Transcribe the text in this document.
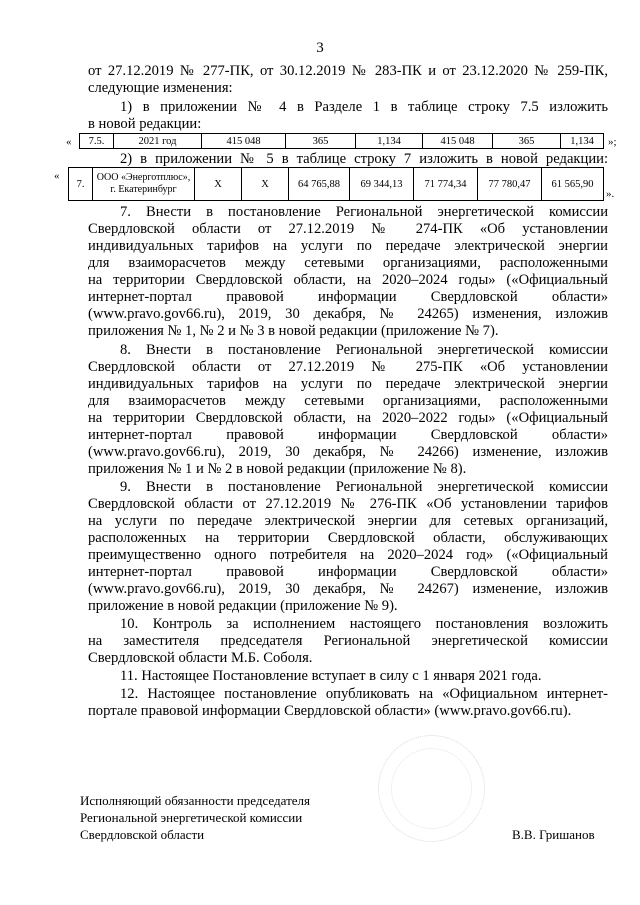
3
от 27.12.2019 № 277-ПК, от 30.12.2019 № 283-ПК и от 23.12.2020 № 259-ПК,
следующие изменения:
1) в приложении № 4 в Разделе 1 в таблице строку 7.5 изложить
в новой редакции:
« 7.5.	2021 год	415 048	365	1,134	415 048	365	1,134 »;
2) в приложении № 5 в таблице строку 7 изложить в новой редакции:
«
7.	ООО «Энерготплюс», г. Екатеринбург	X	X	64 765,88	69 344,13	71 774,34	77 780,47	61 565,90
».
7. Внести в постановление Региональной энергетической комиссии
Свердловской области от 27.12.2019 № 274-ПК «Об установлении
индивидуальных тарифов на услуги по передаче электрической энергии
для взаиморасчетов между сетевыми организациями, расположенными
на территории Свердловской области, на 2020–2024 годы» («Официальный
интернет-портал правовой информации Свердловской области»
(www.pravo.gov66.ru), 2019, 30 декабря, № 24265) изменения, изложив
приложения № 1, № 2 и № 3 в новой редакции (приложение № 7).
8. Внести в постановление Региональной энергетической комиссии
Свердловской области от 27.12.2019 № 275-ПК «Об установлении
индивидуальных тарифов на услуги по передаче электрической энергии
для взаиморасчетов между сетевыми организациями, расположенными
на территории Свердловской области, на 2020–2022 годы» («Официальный
интернет-портал правовой информации Свердловской области»
(www.pravo.gov66.ru), 2019, 30 декабря, № 24266) изменение, изложив
приложения № 1 и № 2 в новой редакции (приложение № 8).
9. Внести в постановление Региональной энергетической комиссии
Свердловской области от 27.12.2019 № 276-ПК «Об установлении тарифов
на услуги по передаче электрической энергии для сетевых организаций,
расположенных на территории Свердловской области, обслуживающих
преимущественно одного потребителя на 2020–2024 год» («Официальный
интернет-портал правовой информации Свердловской области»
(www.pravo.gov66.ru), 2019, 30 декабря, № 24267) изменение, изложив
приложение в новой редакции (приложение № 9).
10. Контроль за исполнением настоящего постановления возложить
на заместителя председателя Региональной энергетической комиссии
Свердловской области М.Б. Соболя.
11. Настоящее Постановление вступает в силу с 1 января 2021 года.
12. Настоящее постановление опубликовать на «Официальном интернет-
портале правовой информации Свердловской области» (www.pravo.gov66.ru).
Исполняющий обязанности председателя
Региональной энергетической комиссии
Свердловской области	В.В. Гришанов
